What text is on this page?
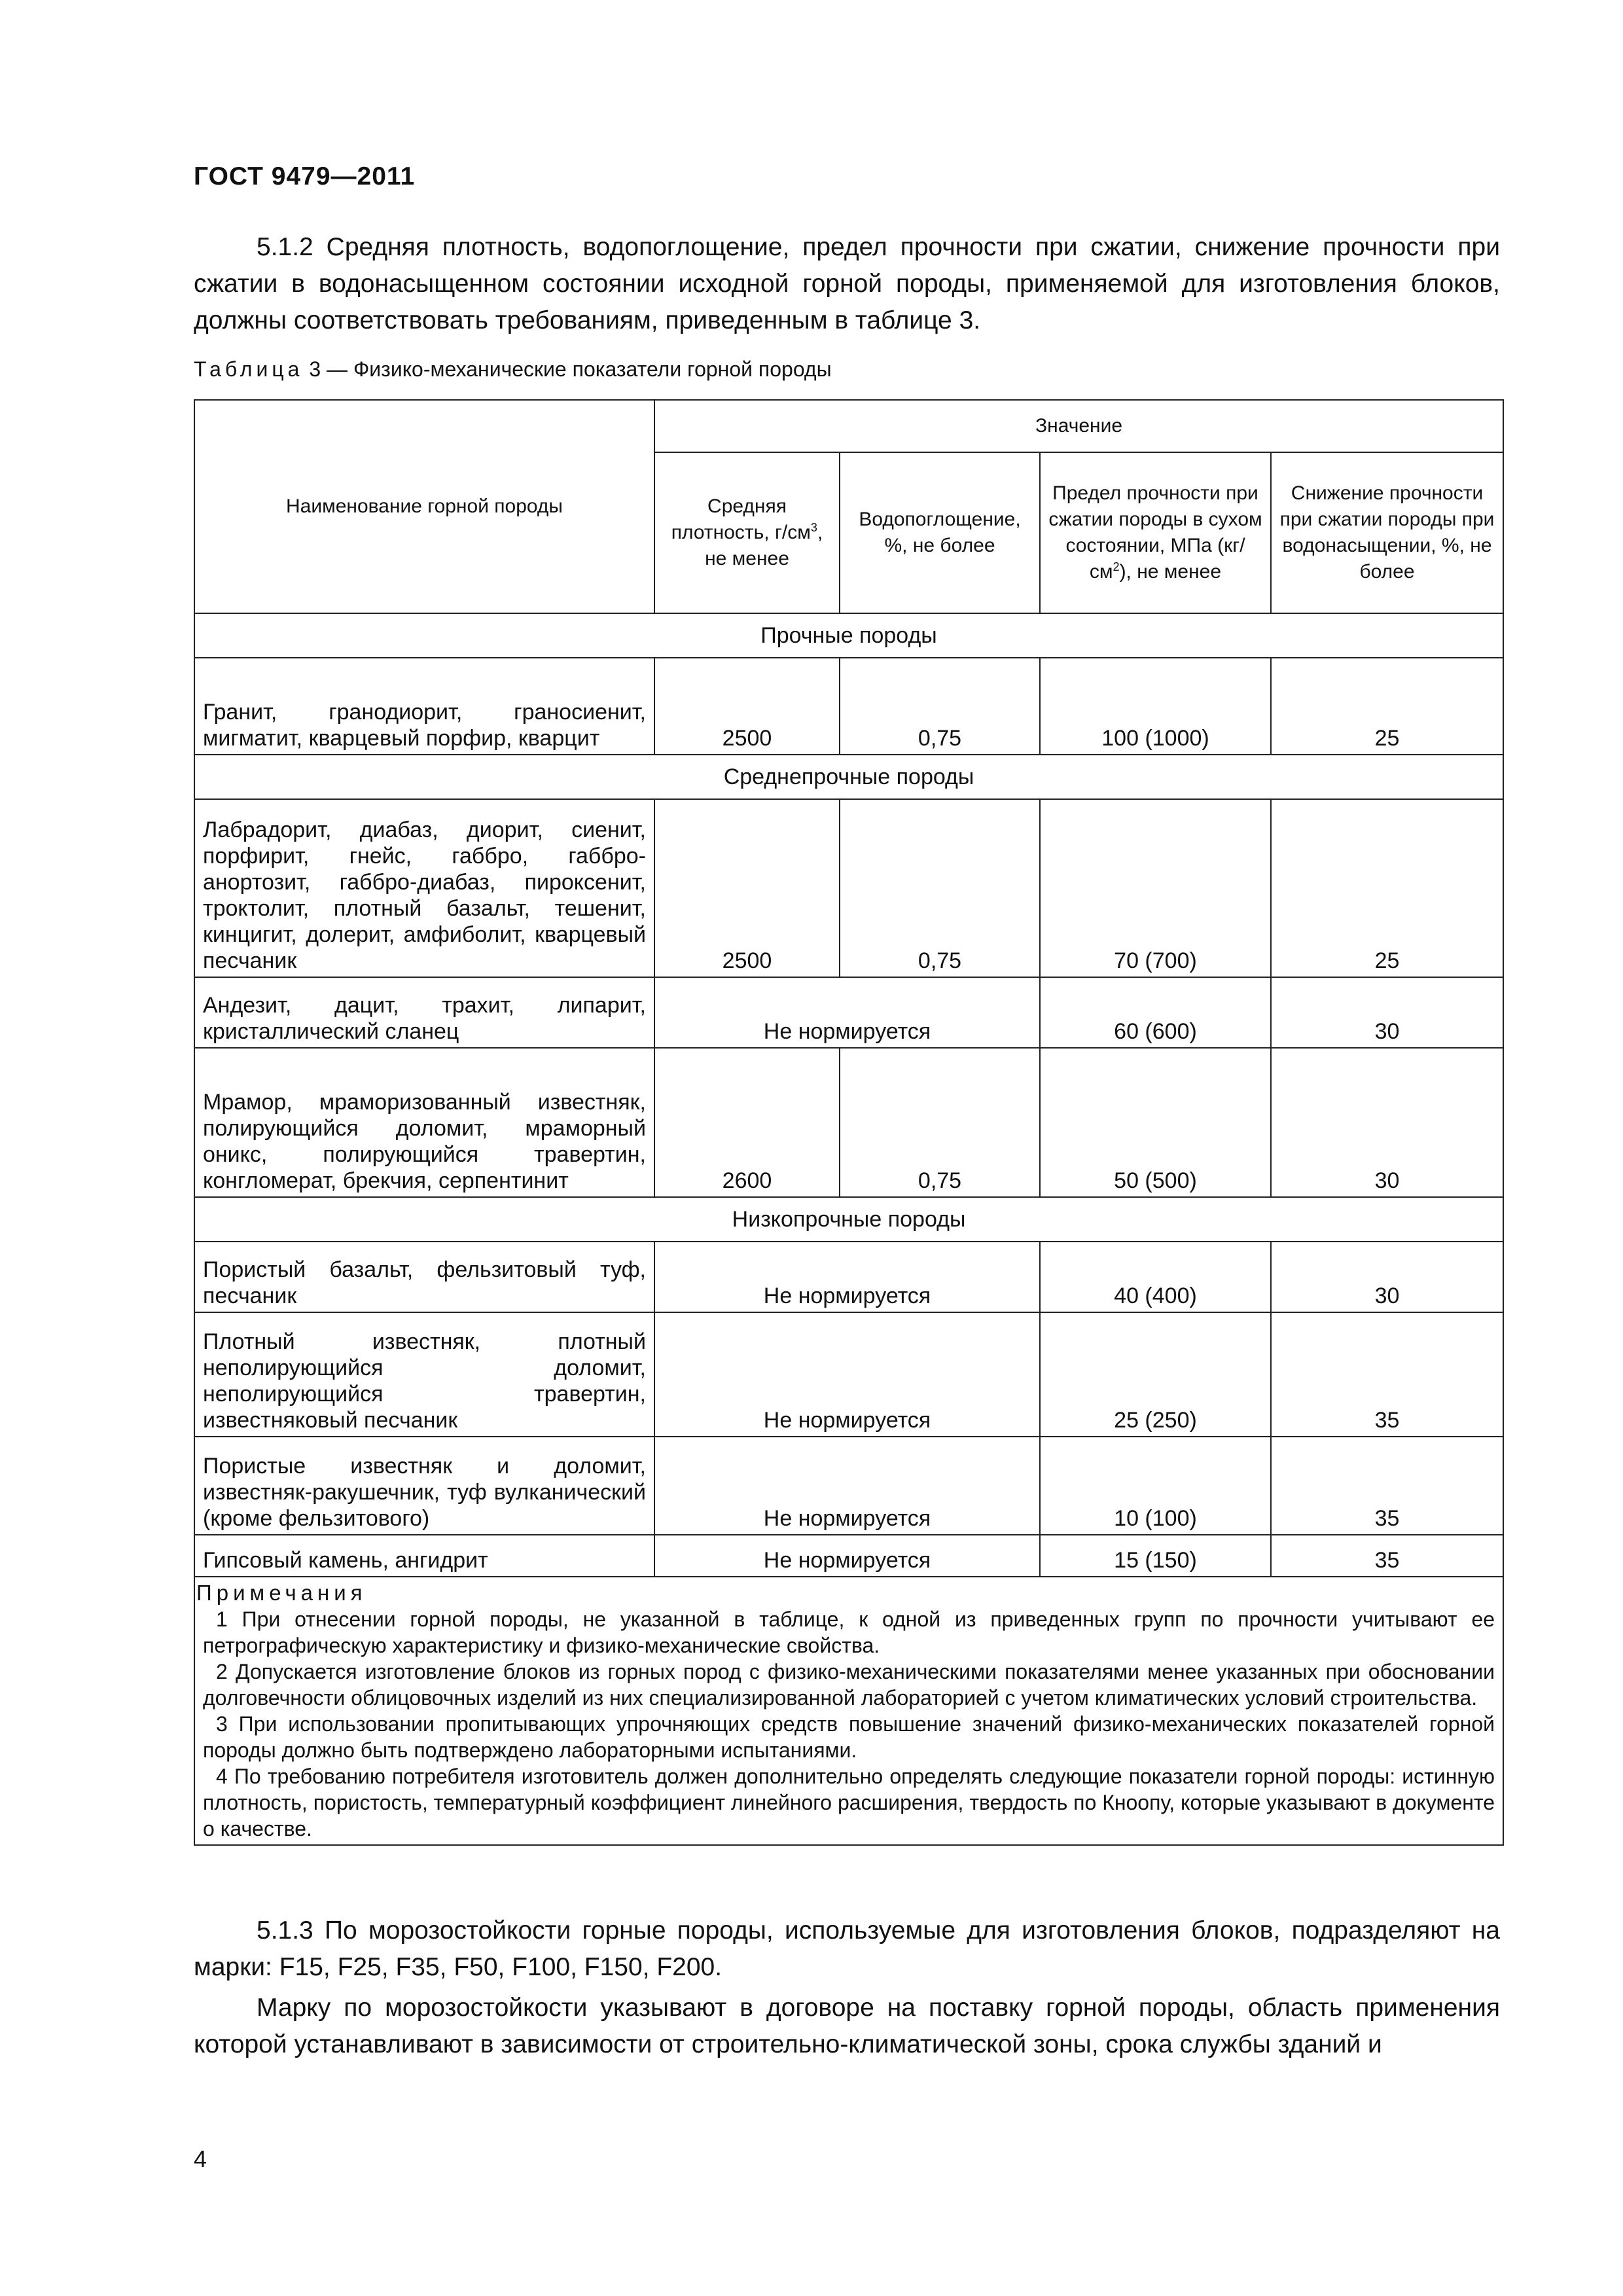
ГОСТ 9479—2011
5.1.2 Средняя плотность, водопоглощение, предел прочности при сжатии, снижение прочности при сжатии в водонасыщенном состоянии исходной горной породы, применяемой для изготовления блоков, должны соответствовать требованиям, приведенным в таблице 3.
Таблица 3 — Физико-механические показатели горной породы
Наименование горной породы	Значение			
	Средняя плотность, $г/см^3$, не менее	Водопоглощение, %, не более	Предел прочности при сжатии породы в сухом состоянии, МПа $(кг/см^2)$, не менее	Снижение прочности при сжатии породы при водонасыщении, %, не более
Прочные породы				
Гранит, гранодиорит, граносиенит, мигматит, кварцевый порфир, кварцит	2500	0,75	100 (1000)	25
Среднепрочные породы				
Лабрадорит, диабаз, диорит, сиенит, порфирит, гнейс, габбро, габбро-анортозит, габбро-диабаз, пироксенит, троктолит, плотный базальт, тешенит, кинцигит, долерит, амфиболит, кварцевый песчаник	2500	0,75	70 (700)	25
Андезит, дацит, трахит, липарит, кристаллический сланец	Не нормируется		60 (600)	30
Мрамор, мраморизованный известняк, полирующийся доломит, мраморный оникс, полирующийся травертин, конгломерат, брекчия, серпентинит	2600	0,75	50 (500)	30
Низкопрочные породы				
Пористый базальт, фельзитовый туф, песчаник	Не нормируется		40 (400)	30
Плотный известняк, плотный неполирующийся доломит, неполирующийся травертин, известняковый песчаник	Не нормируется		25 (250)	35
Пористые известняк и доломит, известняк-ракушечник, туф вулканический (кроме фельзитового)	Не нормируется		10 (100)	35
Гипсовый камень, ангидрит	Не нормируется		15 (150)	35

Примечания
1 При отнесении горной породы, не указанной в таблице, к одной из приведенных групп по прочности учитывают ее петрографическую характеристику и физико-механические свойства.
2 Допускается изготовление блоков из горных пород с физико-механическими показателями менее указанных при обосновании долговечности облицовочных изделий из них специализированной лабораторией с учетом климатических условий строительства.
3 При использовании пропитывающих упрочняющих средств повышение значений физико-механических показателей горной породы должно быть подтверждено лабораторными испытаниями.
4 По требованию потребителя изготовитель должен дополнительно определять следующие показатели горной породы: истинную плотность, пористость, температурный коэффициент линейного расширения, твердость по Кноопу, которые указывают в документе о качестве.				
5.1.3 По морозостойкости горные породы, используемые для изготовления блоков, подразделяют на марки: F15, F25, F35, F50, F100, F150, F200.
Марку по морозостойкости указывают в договоре на поставку горной породы, область применения которой устанавливают в зависимости от строительно-климатической зоны, срока службы зданий и
4
